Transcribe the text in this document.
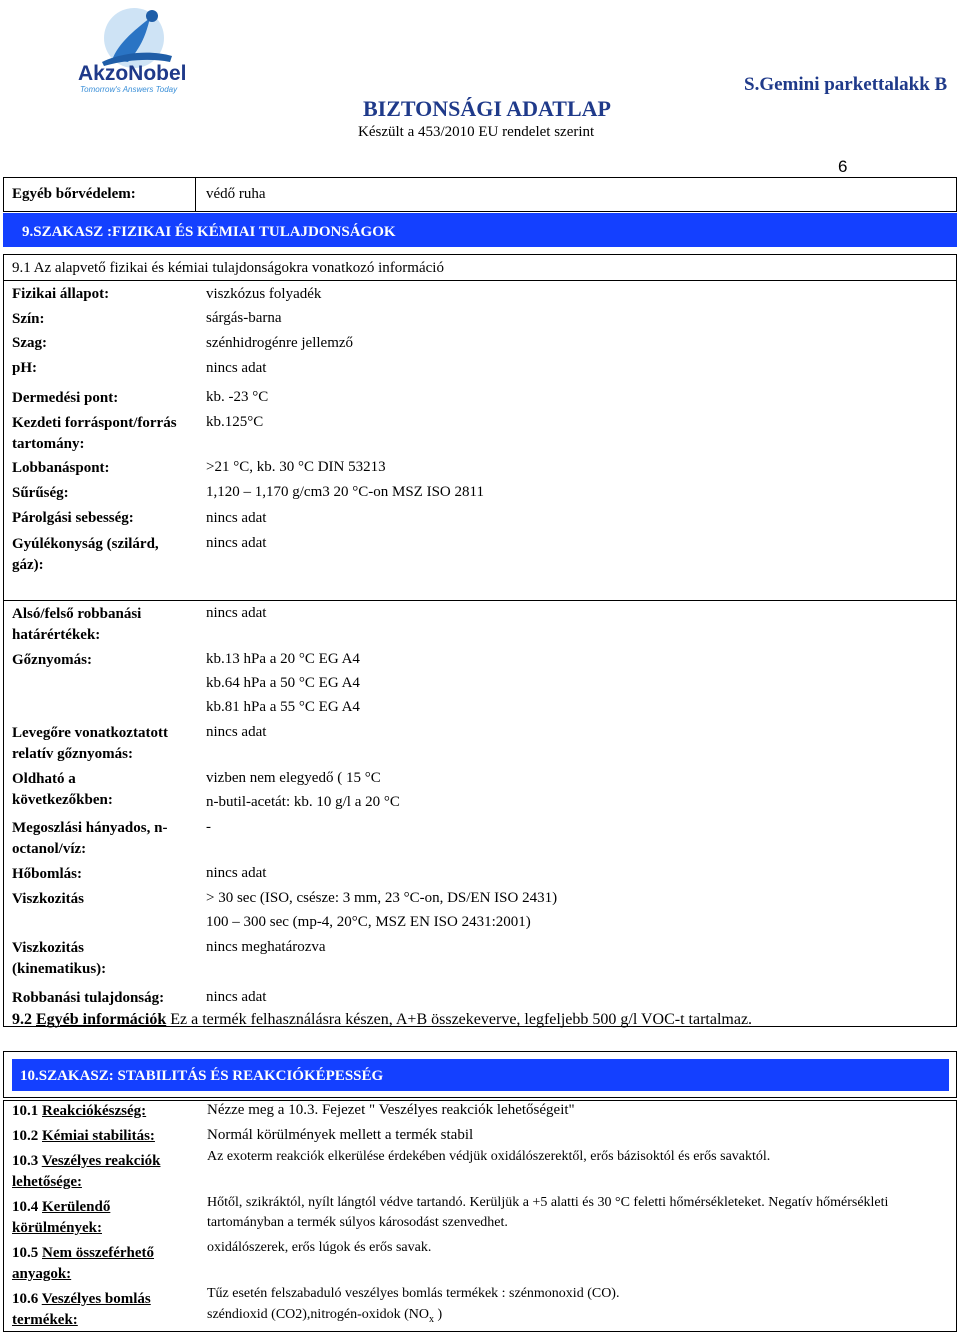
AkzoNobel
Tomorrow's Answers Today
BIZTONSÁGI ADATLAP
Készült a 453/2010 EU rendelet szerint
S.Gemini parkettalakk B
6
Egyéb bőrvédelem:	védő ruha
9.SZAKASZ :FIZIKAI ÉS KÉMIAI TULAJDONSÁGOK
9.1 Az alapvető fizikai és kémiai tulajdonságokra vonatkozó információ
Fizikai állapot:	viszkózus folyadék
Szín:	sárgás-barna
Szag:	szénhidrogénre jellemző
pH:	nincs adat
Dermedési pont:	kb. -23 °C
Kezdeti forráspont/forrás tartomány:
kb.125°C
Lobbanáspont:	>21 °C, kb. 30 °C DIN 53213
Sűrűség:	1,120 – 1,170 g/cm3 20 °C-on MSZ ISO 2811
Párolgási sebesség:	nincs adat
Gyúlékonyság (szilárd, gáz):
nincs adat
Alsó/felső robbanási határértékek:
nincs adat
Gőznyomás:	kb.13 hPa a 20 °C EG A4
kb.64 hPa a 50 °C EG A4
kb.81 hPa a 55 °C EG A4
Levegőre vonatkoztatott relatív gőznyomás:
nincs adat
Oldható a következőkben:
vizben nem elegyedő ( 15 °C
n-butil-acetát: kb. 10 g/l a 20 °C
Megoszlási hányados, n-octanol/víz:
-
Hőbomlás:	nincs adat
Viszkozitás	> 30 sec (ISO, csésze: 3 mm, 23 °C-on, DS/EN ISO 2431)
100 – 300 sec (mp-4, 20°C, MSZ EN ISO 2431:2001)
Viszkozitás (kinematikus):
nincs meghatározva
Robbanási tulajdonság:	nincs adat
9.2 Egyéb információk Ez a termék felhasználásra készen, A+B összekeverve, legfeljebb 500 g/l VOC-t tartalmaz.
10.SZAKASZ: STABILITÁS ÉS REAKCIÓKÉPESSÉG
10.1 Reakciókészség:	Nézze meg a 10.3. Fejezet " Veszélyes reakciók lehetőségeit"
10.2 Kémiai stabilitás:	Normál körülmények mellett a termék stabil
10.3 Veszélyes reakciók lehetősége:
Az exoterm reakciók elkerülése érdekében védjük oxidálószerektől, erős bázisoktól és erős savaktól.
10.4 Kerülendő körülmények:
Hőtől, szikráktól, nyílt lángtól védve tartandó. Kerüljük a +5 alatti és 30 °C feletti hőmérsékleteket. Negatív hőmérsékleti tartományban a termék súlyos károsodást szenvedhet.
10.5 Nem összeférhető anyagok:
oxidálószerek, erős lúgok és erős savak.
10.6 Veszélyes bomlás termékek:
Tűz esetén felszabaduló veszélyes bomlás termékek : szénmonoxid (CO).
széndioxid (CO2),nitrogén-oxidok ($NO_x$ )
